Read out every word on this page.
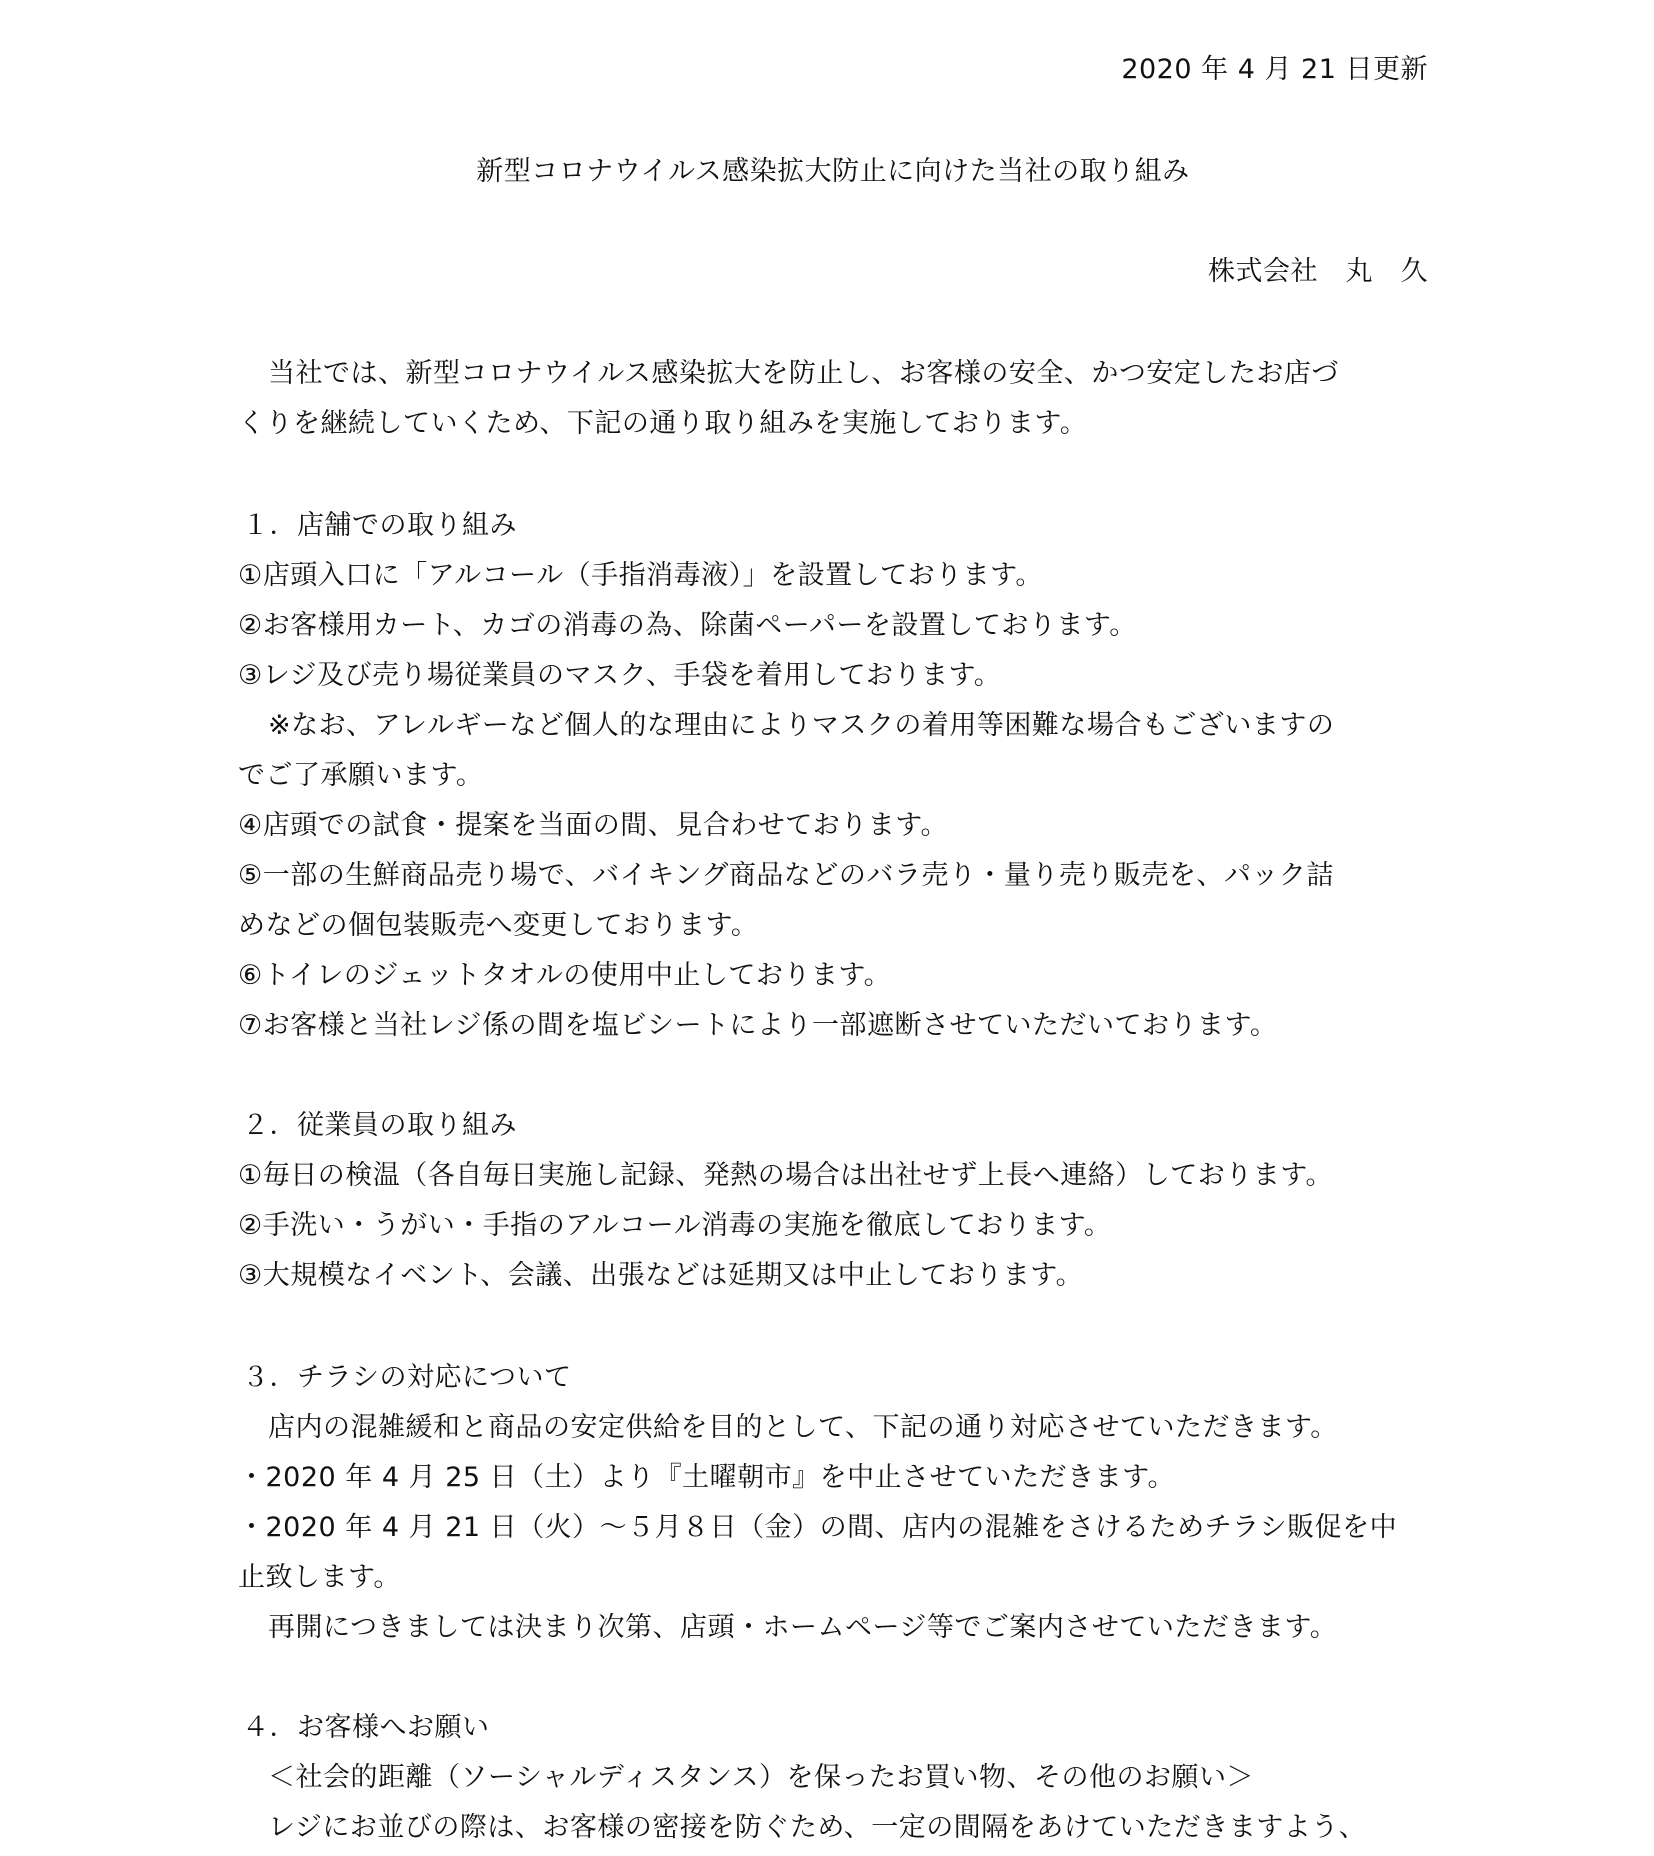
2020 年 4 月 21 日更新
新型コロナウイルス感染拡大防止に向けた当社の取り組み
株式会社　丸　久
当社では、新型コロナウイルス感染拡大を防止し、お客様の安全、かつ安定したお店づ
くりを継続していくため、下記の通り取り組みを実施しております。
１．店舗での取り組み
①店頭入口に「アルコール（手指消毒液）」を設置しております。
②お客様用カート、カゴの消毒の為、除菌ペーパーを設置しております。
③レジ及び売り場従業員のマスク、手袋を着用しております。
※なお、アレルギーなど個人的な理由によりマスクの着用等困難な場合もございますの
でご了承願います。
④店頭での試食・提案を当面の間、見合わせております。
⑤一部の生鮮商品売り場で、バイキング商品などのバラ売り・量り売り販売を、パック詰
めなどの個包装販売へ変更しております。
⑥トイレのジェットタオルの使用中止しております。
⑦お客様と当社レジ係の間を塩ビシートにより一部遮断させていただいております。
２．従業員の取り組み
①毎日の検温（各自毎日実施し記録、発熱の場合は出社せず上長へ連絡）しております。
②手洗い・うがい・手指のアルコール消毒の実施を徹底しております。
③大規模なイベント、会議、出張などは延期又は中止しております。
３．チラシの対応について
店内の混雑緩和と商品の安定供給を目的として、下記の通り対応させていただきます。
・2020 年 4 月 25 日（土）より『土曜朝市』を中止させていただきます。
・2020 年 4 月 21 日（火）～５月８日（金）の間、店内の混雑をさけるためチラシ販促を中
止致します。
再開につきましては決まり次第、店頭・ホームページ等でご案内させていただきます。
４．お客様へお願い
＜社会的距離（ソーシャルディスタンス）を保ったお買い物、その他のお願い＞
レジにお並びの際は、お客様の密接を防ぐため、一定の間隔をあけていただきますよう、
